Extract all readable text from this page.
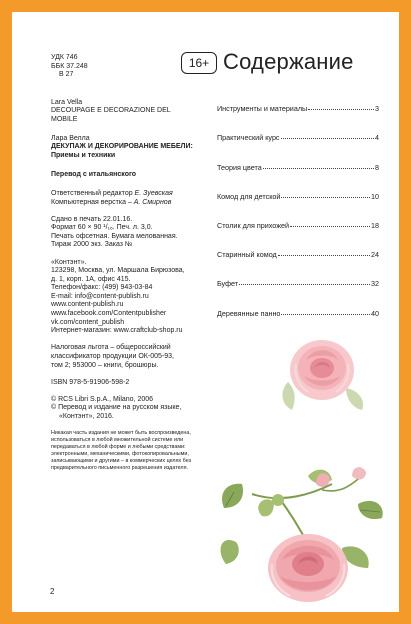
УДК 746
ББК 37.248
В 27

Lara Vella
DECOUPAGE E DECORAZIONE DEL
MOBILE

Лара Велла
ДЕКУПАЖ И ДЕКОРИРОВАНИЕ МЕБЕЛИ:
Приемы и техники

Перевод с итальянского

Ответственный редактор Е. Зуевская
Компьютерная верстка – А. Смирнов

Сдано в печать 22.01.16.
Формат 60 × 90 ¹/₁₆. Печ. л. 3,0.
Печать офсетная. Бумага мелованная.
Тираж 2000 экз. Заказ №

«Контэнт».
123298, Москва, ул. Маршала Бирюзова,
д. 1, корп. 1А, офис 415.
Телефон/факс: (499) 943-03-84
E-mail: info@content-publish.ru
www.content-publish.ru
www.facebook.com/Contentpublisher
vk.com/content_publish
Интернет-магазин: www.craftclub-shop.ru

Налоговая льгота – общероссийский
классификатор продукции ОК-005-93,
том 2; 953000 – книги, брошюры.

ISBN 978-5-91906-598-2

© RCS Libri S.p.A., Milano, 2006
© Перевод и издание на русском языке,
«Контэнт», 2016.

Никакая часть издания не может быть воспроизведена,
использоваться в любой множительной системе или
передаваться в любой форме и любыми средствами:
электронными, механическими, фотокопировальными,
записывающими и другими – в коммерческих целях без
предварительного письменного разрешения издателя.

16+ Содержание
Инструменты и материалы	3
Практический курс	4
Теория цвета	8
Комод для детской	10
Столик для прихожей	18
Старинный комод	24
Буфет	32
Деревянные панно	40
2
